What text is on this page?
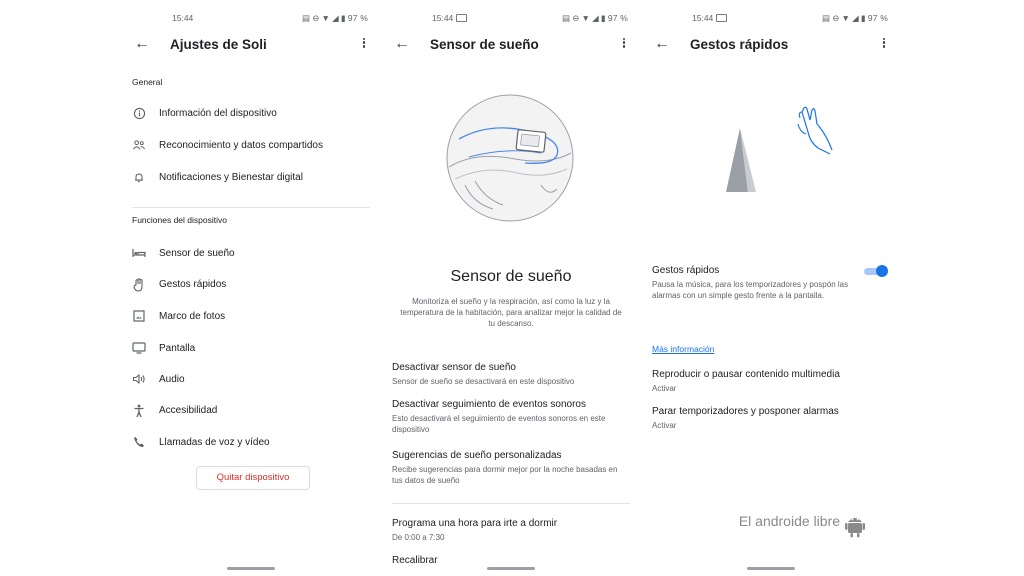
15:44	▤ ⊖ ▼ ◢ ▮ 97 %
← Ajustes de Soli
General
Información del dispositivo
Reconocimiento y datos compartidos
Notificaciones y Bienestar digital
Funciones del dispositivo
Sensor de sueño
Gestos rápidos
Marco de fotos
Pantalla
Audio
Accesibilidad
Llamadas de voz y vídeo
Quitar dispositivo
15:44	▤ ⊖ ▼ ◢ ▮ 97 %
← Sensor de sueño
Sensor de sueño
Monitoriza el sueño y la respiración, así como la luz y la temperatura de la habitación, para analizar mejor la calidad de tu descanso.
Desactivar sensor de sueño
Sensor de sueño se desactivará en este dispositivo
Desactivar seguimiento de eventos sonoros
Esto desactivará el seguimiento de eventos sonoros en este dispositivo
Sugerencias de sueño personalizadas
Recibe sugerencias para dormir mejor por la noche basadas en tus datos de sueño
Programa una hora para irte a dormir
De 0:00 a 7:30
Recalibrar
15:44	▤ ⊖ ▼ ◢ ▮ 97 %
← Gestos rápidos
Gestos rápidos
Pausa la música, para los temporizadores y pospón las alarmas con un simple gesto frente a la pantalla.
Más información
Reproducir o pausar contenido multimedia
Activar
Parar temporizadores y posponer alarmas
Activar
El androide libre
